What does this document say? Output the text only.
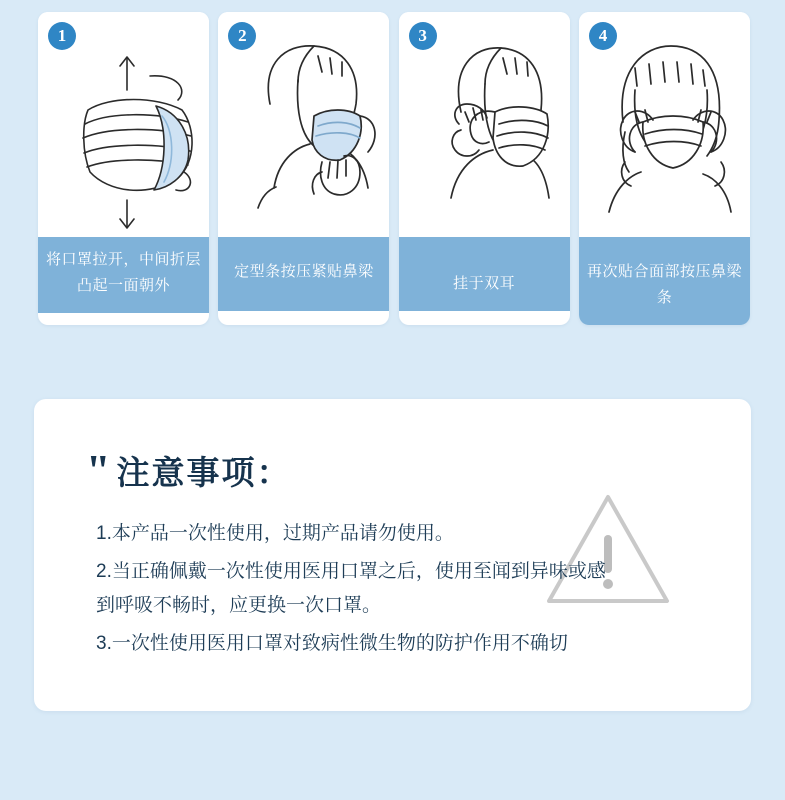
1
将口罩拉开，中间折层凸起一面朝外
2
定型条按压紧贴鼻梁
3
挂于双耳
4
再次贴合面部按压鼻梁条
" 注意事项：
1.本产品一次性使用，过期产品请勿使用。
2.当正确佩戴一次性使用医用口罩之后，使用至闻到异味或感到呼吸不畅时，应更换一次口罩。
3.一次性使用医用口罩对致病性微生物的防护作用不确切
